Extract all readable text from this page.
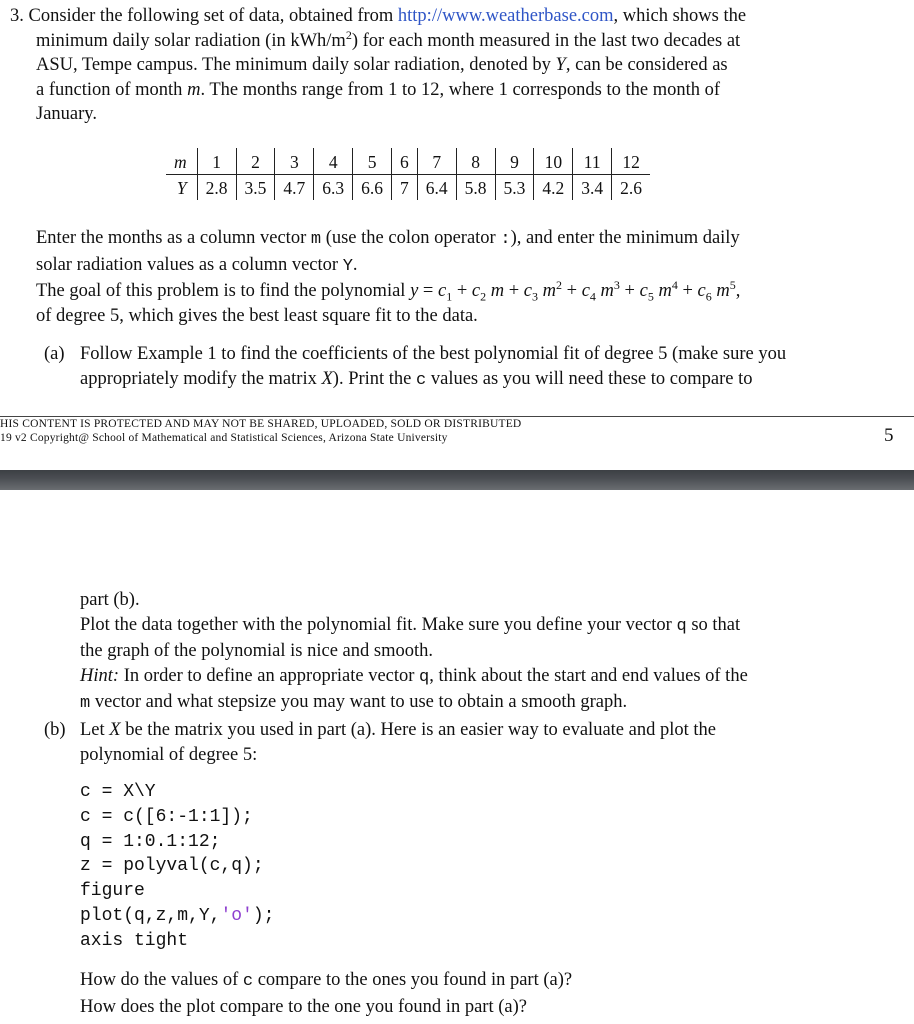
3. Consider the following set of data, obtained from http://www.weatherbase.com, which shows the
minimum daily solar radiation (in kWh/$m^2$) for each month measured in the last two decades at
ASU, Tempe campus. The minimum daily solar radiation, denoted by Y, can be considered as
a function of month m. The months range from 1 to 12, where 1 corresponds to the month of
January.
m	1	2	3	4	5	6	7	8	9	10	11	12
Y	2.8	3.5	4.7	6.3	6.6	7	6.4	5.8	5.3	4.2	3.4	2.6
Enter the months as a column vector m (use the colon operator :), and enter the minimum daily
solar radiation values as a column vector Y.
The goal of this problem is to find the polynomial $y = c_1 + c_2$ $m + c_3$ $m^2 + c_4$ $m^3 + c_5$ $m^4 + c_6$ $m^5$,
of degree 5, which gives the best least square fit to the data.
(a) Follow Example 1 to find the coefficients of the best polynomial fit of degree 5 (make sure you
appropriately modify the matrix X). Print the c values as you will need these to compare to
HIS CONTENT IS PROTECTED AND MAY NOT BE SHARED, UPLOADED, SOLD OR DISTRIBUTED
19 v2 Copyright@ School of Mathematical and Statistical Sciences, Arizona State University	5
part (b).
Plot the data together with the polynomial fit. Make sure you define your vector q so that
the graph of the polynomial is nice and smooth.
Hint: In order to define an appropriate vector q, think about the start and end values of the
m vector and what stepsize you may want to use to obtain a smooth graph.
(b) Let X be the matrix you used in part (a). Here is an easier way to evaluate and plot the
polynomial of degree 5:
c = X\Y
c = c([6:-1:1]);
q = 1:0.1:12;
z = polyval(c,q);
figure
plot(q,z,m,Y,'o');
axis tight
How do the values of c compare to the ones you found in part (a)?
How does the plot compare to the one you found in part (a)?
